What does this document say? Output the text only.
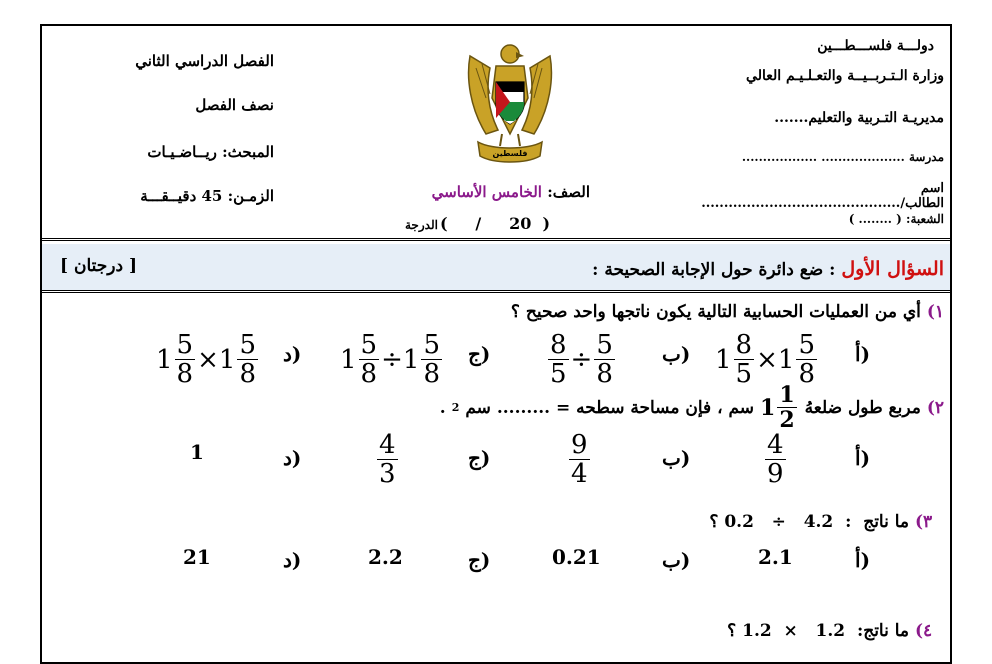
دولـــة فلســـطـــين
وزارة الـتـربــيــة والتعـلـيـم العالي
مديريـة التـربية والتعليم.......
مدرسة .................... ..................
اسم الطالب/............................................
الشعبة: ( ........ )
الفصل الدراسي الثاني
نصف الفصل
المبحث: ريــاضـيـات
الزمـن: 45 دقيــقـــة
فلسطين
الصف: الخامس الأساسي
الدرجة (     /     20  )
السؤال الأول : ضع دائرة حول الإجابة الصحيحة :
[ درجتان ]
١) أي من العمليات الحسابية التالية يكون ناتجها واحد صحيح ؟
أ)
$1 \frac{8}{5} \times 1 \frac{5}{8}$
ب)
$\frac{8}{5} \div \frac{5}{8}$
ج)
$1 \frac{5}{8} \div 1 \frac{5}{8}$
د)
$1 \frac{5}{8} \times 1 \frac{5}{8}$
٢)
مربع طول ضلعهُ
$1 \frac{1}{2}$
سم ، فإن مساحة سطحه = ......... سم
2
.
أ)
$\frac{4}{9}$
ب)
$\frac{9}{4}$
ج)
$\frac{4}{3}$
د)
1

٣) ما ناتج  :  4.2   ÷   0.2 ؟

أ)
2.1
ب)
0.21
ج)
2.2
د)
21

٤) ما ناتج:  1.2   ×  1.2 ؟
